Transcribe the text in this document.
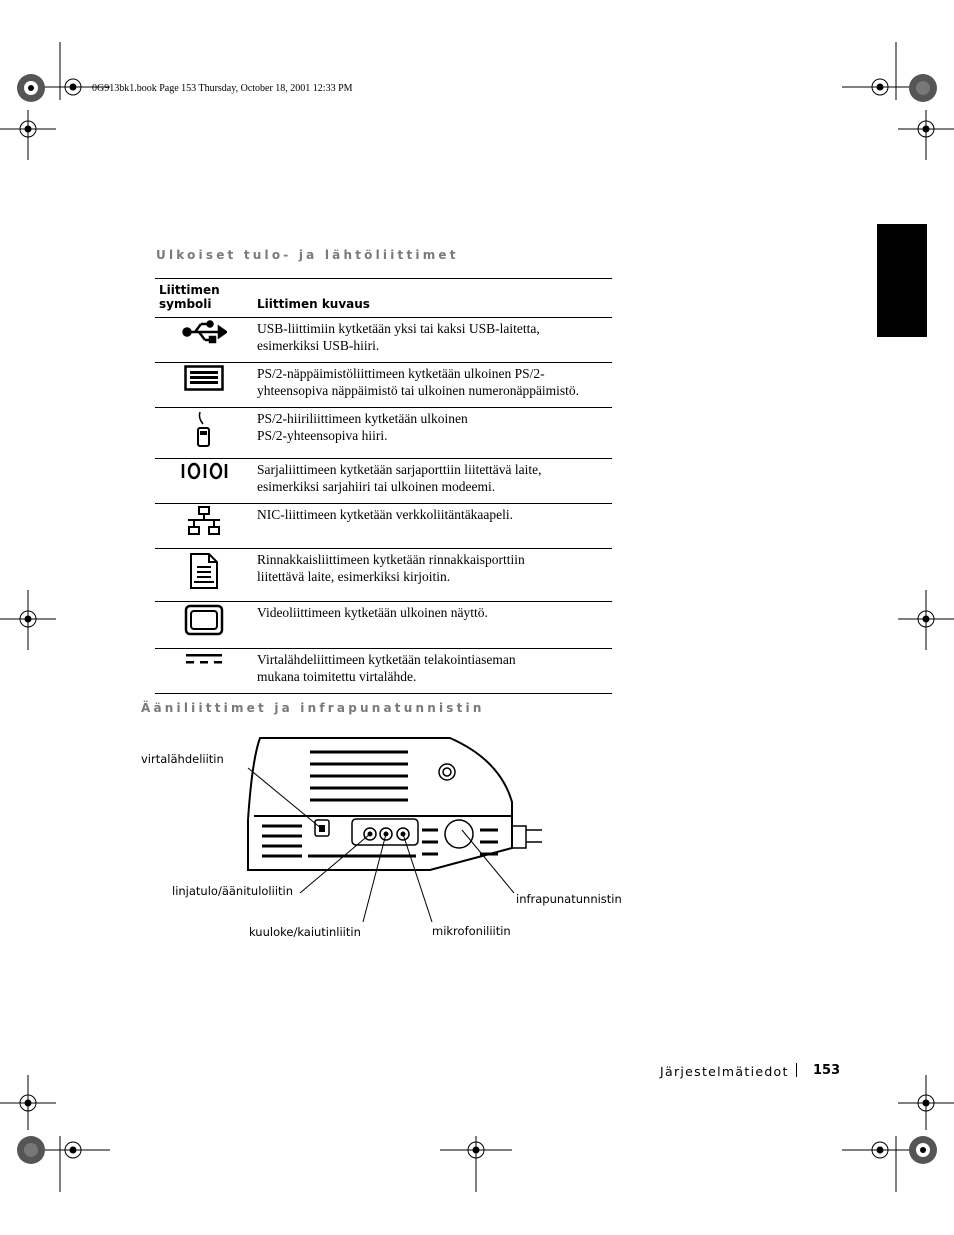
0G913bk1.book Page 153 Thursday, October 18, 2001 12:33 PM
Ulkoiset tulo- ja lähtöliittimet
Liittimen
symboli	Liittimen kuvaus

	USB-liittimiin kytketään yksi tai kaksi USB-laitetta,
esimerkiksi USB-hiiri.

	PS/2-näppäimistöliittimeen kytketään ulkoinen PS/2-
yhteensopiva näppäimistö tai ulkoinen numeronäppäimistö.

	PS/2-hiiriliittimeen kytketään ulkoinen
PS/2-yhteensopiva hiiri.

	Sarjaliittimeen kytketään sarjaporttiin liitettävä laite,
esimerkiksi sarjahiiri tai ulkoinen modeemi.

	NIC-liittimeen kytketään verkkoliitäntäkaapeli.

	Rinnakkaisliittimeen kytketään rinnakkaisporttiin
liitettävä laite, esimerkiksi kirjoitin.

	Videoliittimeen kytketään ulkoinen näyttö.

	Virtalähdeliittimeen kytketään telakointiaseman
mukana toimitettu virtalähde.
Ääniliittimet ja infrapunatunnistin
virtalähdeliitin
linjatulo/äänituloliitin
kuuloke/kaiutinliitin	mikrofoniliitin
infrapunatunnistin
Järjestelmätiedot 153
